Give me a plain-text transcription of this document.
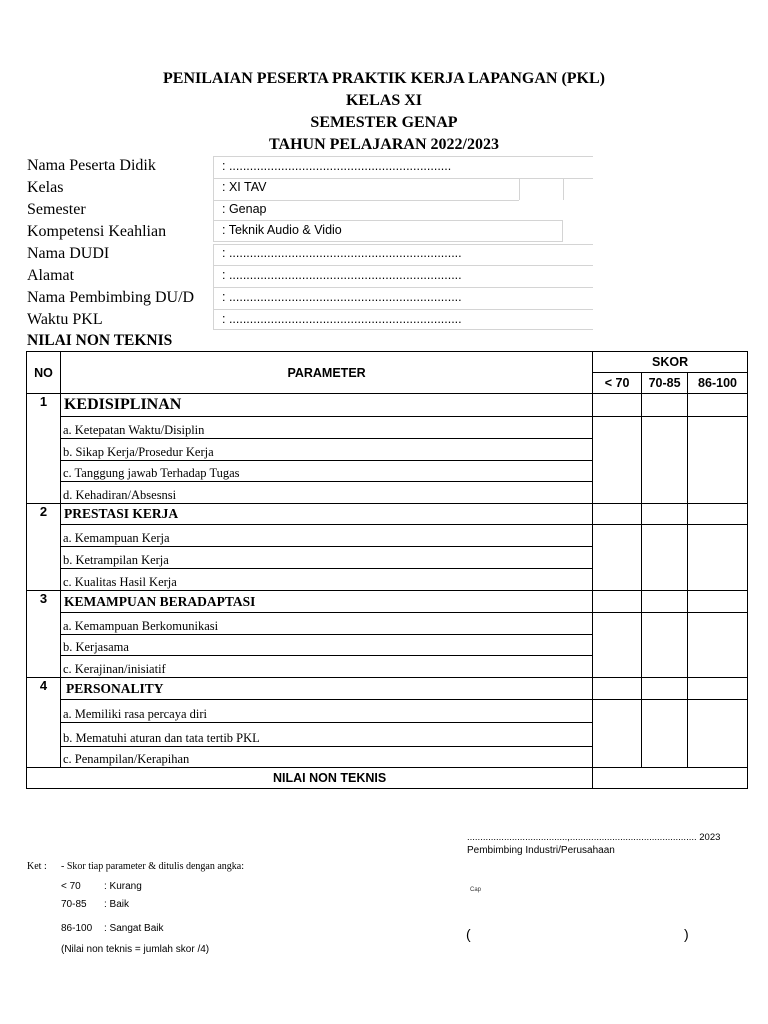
PENILAIAN PESERTA PRAKTIK KERJA LAPANGAN (PKL)
KELAS XI
SEMESTER GENAP
TAHUN PELAJARAN 2022/2023
Nama Peserta Didik	: ................................................................
Kelas	: XI TAV
Semester	: Genap
Kompetensi Keahlian	: Teknik Audio & Vidio
Nama DUDI	: ...................................................................
Alamat	: ...................................................................
Nama Pembimbing DU/D	: ...................................................................
Waktu PKL	: ...................................................................
NILAI NON TEKNIS
NO	PARAMETER	SKOR		
		< 70	70-85	86-100
1	KEDISIPLINAN			
	a. Ketepatan Waktu/Disiplin			
	b. Sikap Kerja/Prosedur Kerja			
	c. Tanggung jawab Terhadap Tugas			
	d. Kehadiran/Absesnsi			
2	PRESTASI KERJA			
	a. Kemampuan Kerja			
	b. Ketrampilan Kerja			
	c. Kualitas Hasil Kerja			
3	KEMAMPUAN BERADAPTASI			
	a. Kemampuan Berkomunikasi			
	b. Kerjasama			
	c. Kerajinan/inisiatif			
4	PERSONALITY			
	a. Memiliki rasa percaya diri			
	b. Mematuhi aturan dan tata tertib PKL			
	c. Penampilan/Kerapihan			
NILAI NON TEKNIS				
......................................,................................................ 2023
Pembimbing Industri/Perusahaan
Cap
(	)
Ket : - Skor tiap parameter & ditulis dengan angka:
< 70 : Kurang
70-85 : Baik
86-100 : Sangat Baik
(Nilai non teknis = jumlah skor /4)
